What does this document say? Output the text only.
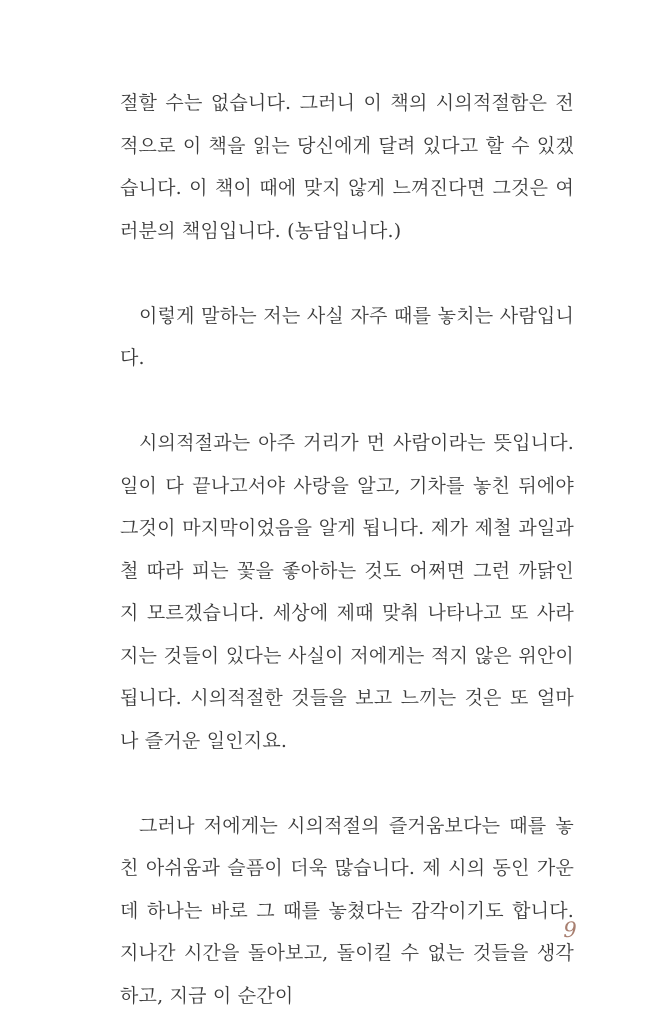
절할 수는 없습니다. 그러니 이 책의 시의적절함은 전적으로 이 책을 읽는 당신에게 달려 있다고 할 수 있겠습니다. 이 책이 때에 맞지 않게 느껴진다면 그것은 여러분의 책임입니다. (농담입니다.)

이렇게 말하는 저는 사실 자주 때를 놓치는 사람입니다.

시의적절과는 아주 거리가 먼 사람이라는 뜻입니다. 일이 다 끝나고서야 사랑을 알고, 기차를 놓친 뒤에야 그것이 마지막이었음을 알게 됩니다. 제가 제철 과일과 철 따라 피는 꽃을 좋아하는 것도 어쩌면 그런 까닭인지 모르겠습니다. 세상에 제때 맞춰 나타나고 또 사라지는 것들이 있다는 사실이 저에게는 적지 않은 위안이 됩니다. 시의적절한 것들을 보고 느끼는 것은 또 얼마나 즐거운 일인지요.

그러나 저에게는 시의적절의 즐거움보다는 때를 놓친 아쉬움과 슬픔이 더욱 많습니다. 제 시의 동인 가운데 하나는 바로 그 때를 놓쳤다는 감각이기도 합니다. 지나간 시간을 돌아보고, 돌이킬 수 없는 것들을 생각하고, 지금 이 순간이

9
